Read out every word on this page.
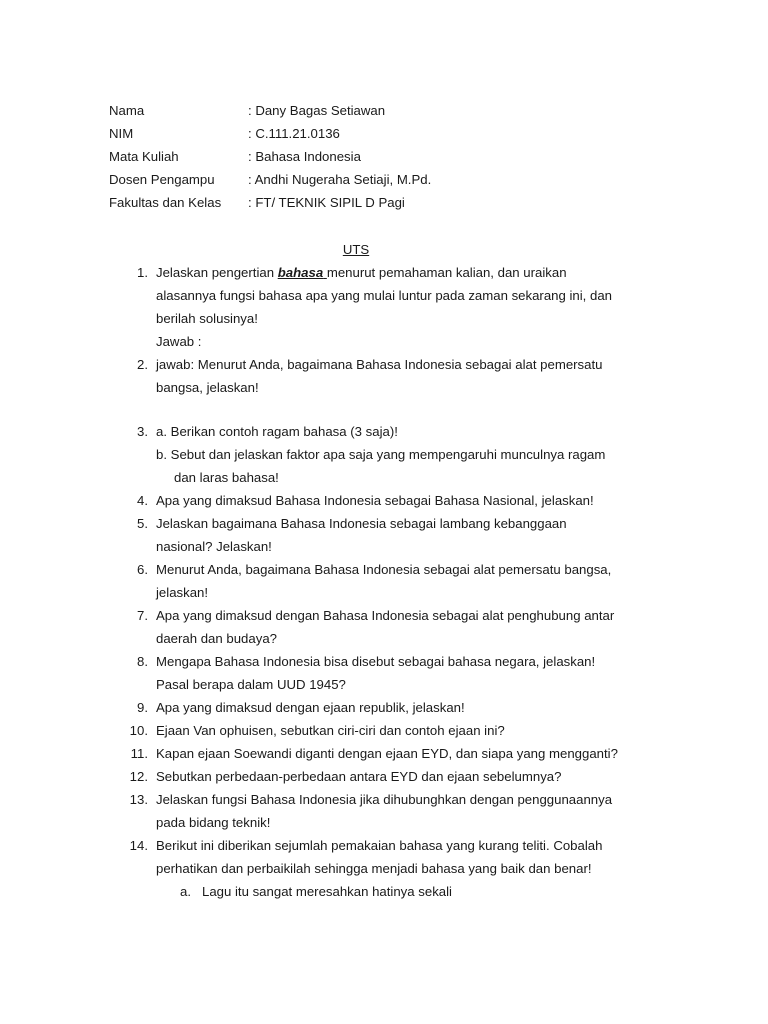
Nama	: Dany Bagas Setiawan
NIM	: C.111.21.0136
Mata Kuliah	: Bahasa Indonesia
Dosen Pengampu	: Andhi Nugeraha Setiaji, M.Pd.
Fakultas dan Kelas	: FT/ TEKNIK SIPIL D Pagi
UTS
1. Jelaskan pengertian bahasa menurut pemahaman kalian, dan uraikan
alasannya fungsi bahasa apa yang mulai luntur pada zaman sekarang ini, dan
berilah solusinya!
Jawab :
2. jawab: Menurut Anda, bagaimana Bahasa Indonesia sebagai alat pemersatu
bangsa, jelaskan!
3. a. Berikan contoh ragam bahasa (3 saja)!
b. Sebut dan jelaskan faktor apa saja yang mempengaruhi munculnya ragam
dan laras bahasa!
4. Apa yang dimaksud Bahasa Indonesia sebagai Bahasa Nasional, jelaskan!
5. Jelaskan bagaimana Bahasa Indonesia sebagai lambang kebanggaan
nasional? Jelaskan!
6. Menurut Anda, bagaimana Bahasa Indonesia sebagai alat pemersatu bangsa,
jelaskan!
7. Apa yang dimaksud dengan Bahasa Indonesia sebagai alat penghubung antar
daerah dan budaya?
8. Mengapa Bahasa Indonesia bisa disebut sebagai bahasa negara, jelaskan!
Pasal berapa dalam UUD 1945?
9. Apa yang dimaksud dengan ejaan republik, jelaskan!
10. Ejaan Van ophuisen, sebutkan ciri-ciri dan contoh ejaan ini?
11. Kapan ejaan Soewandi diganti dengan ejaan EYD, dan siapa yang mengganti?
12. Sebutkan perbedaan-perbedaan antara EYD dan ejaan sebelumnya?
13. Jelaskan fungsi Bahasa Indonesia jika dihubunghkan dengan penggunaannya
pada bidang teknik!
14. Berikut ini diberikan sejumlah pemakaian bahasa yang kurang teliti. Cobalah
perhatikan dan perbaikilah sehingga menjadi bahasa yang baik dan benar!
a. Lagu itu sangat meresahkan hatinya sekali
